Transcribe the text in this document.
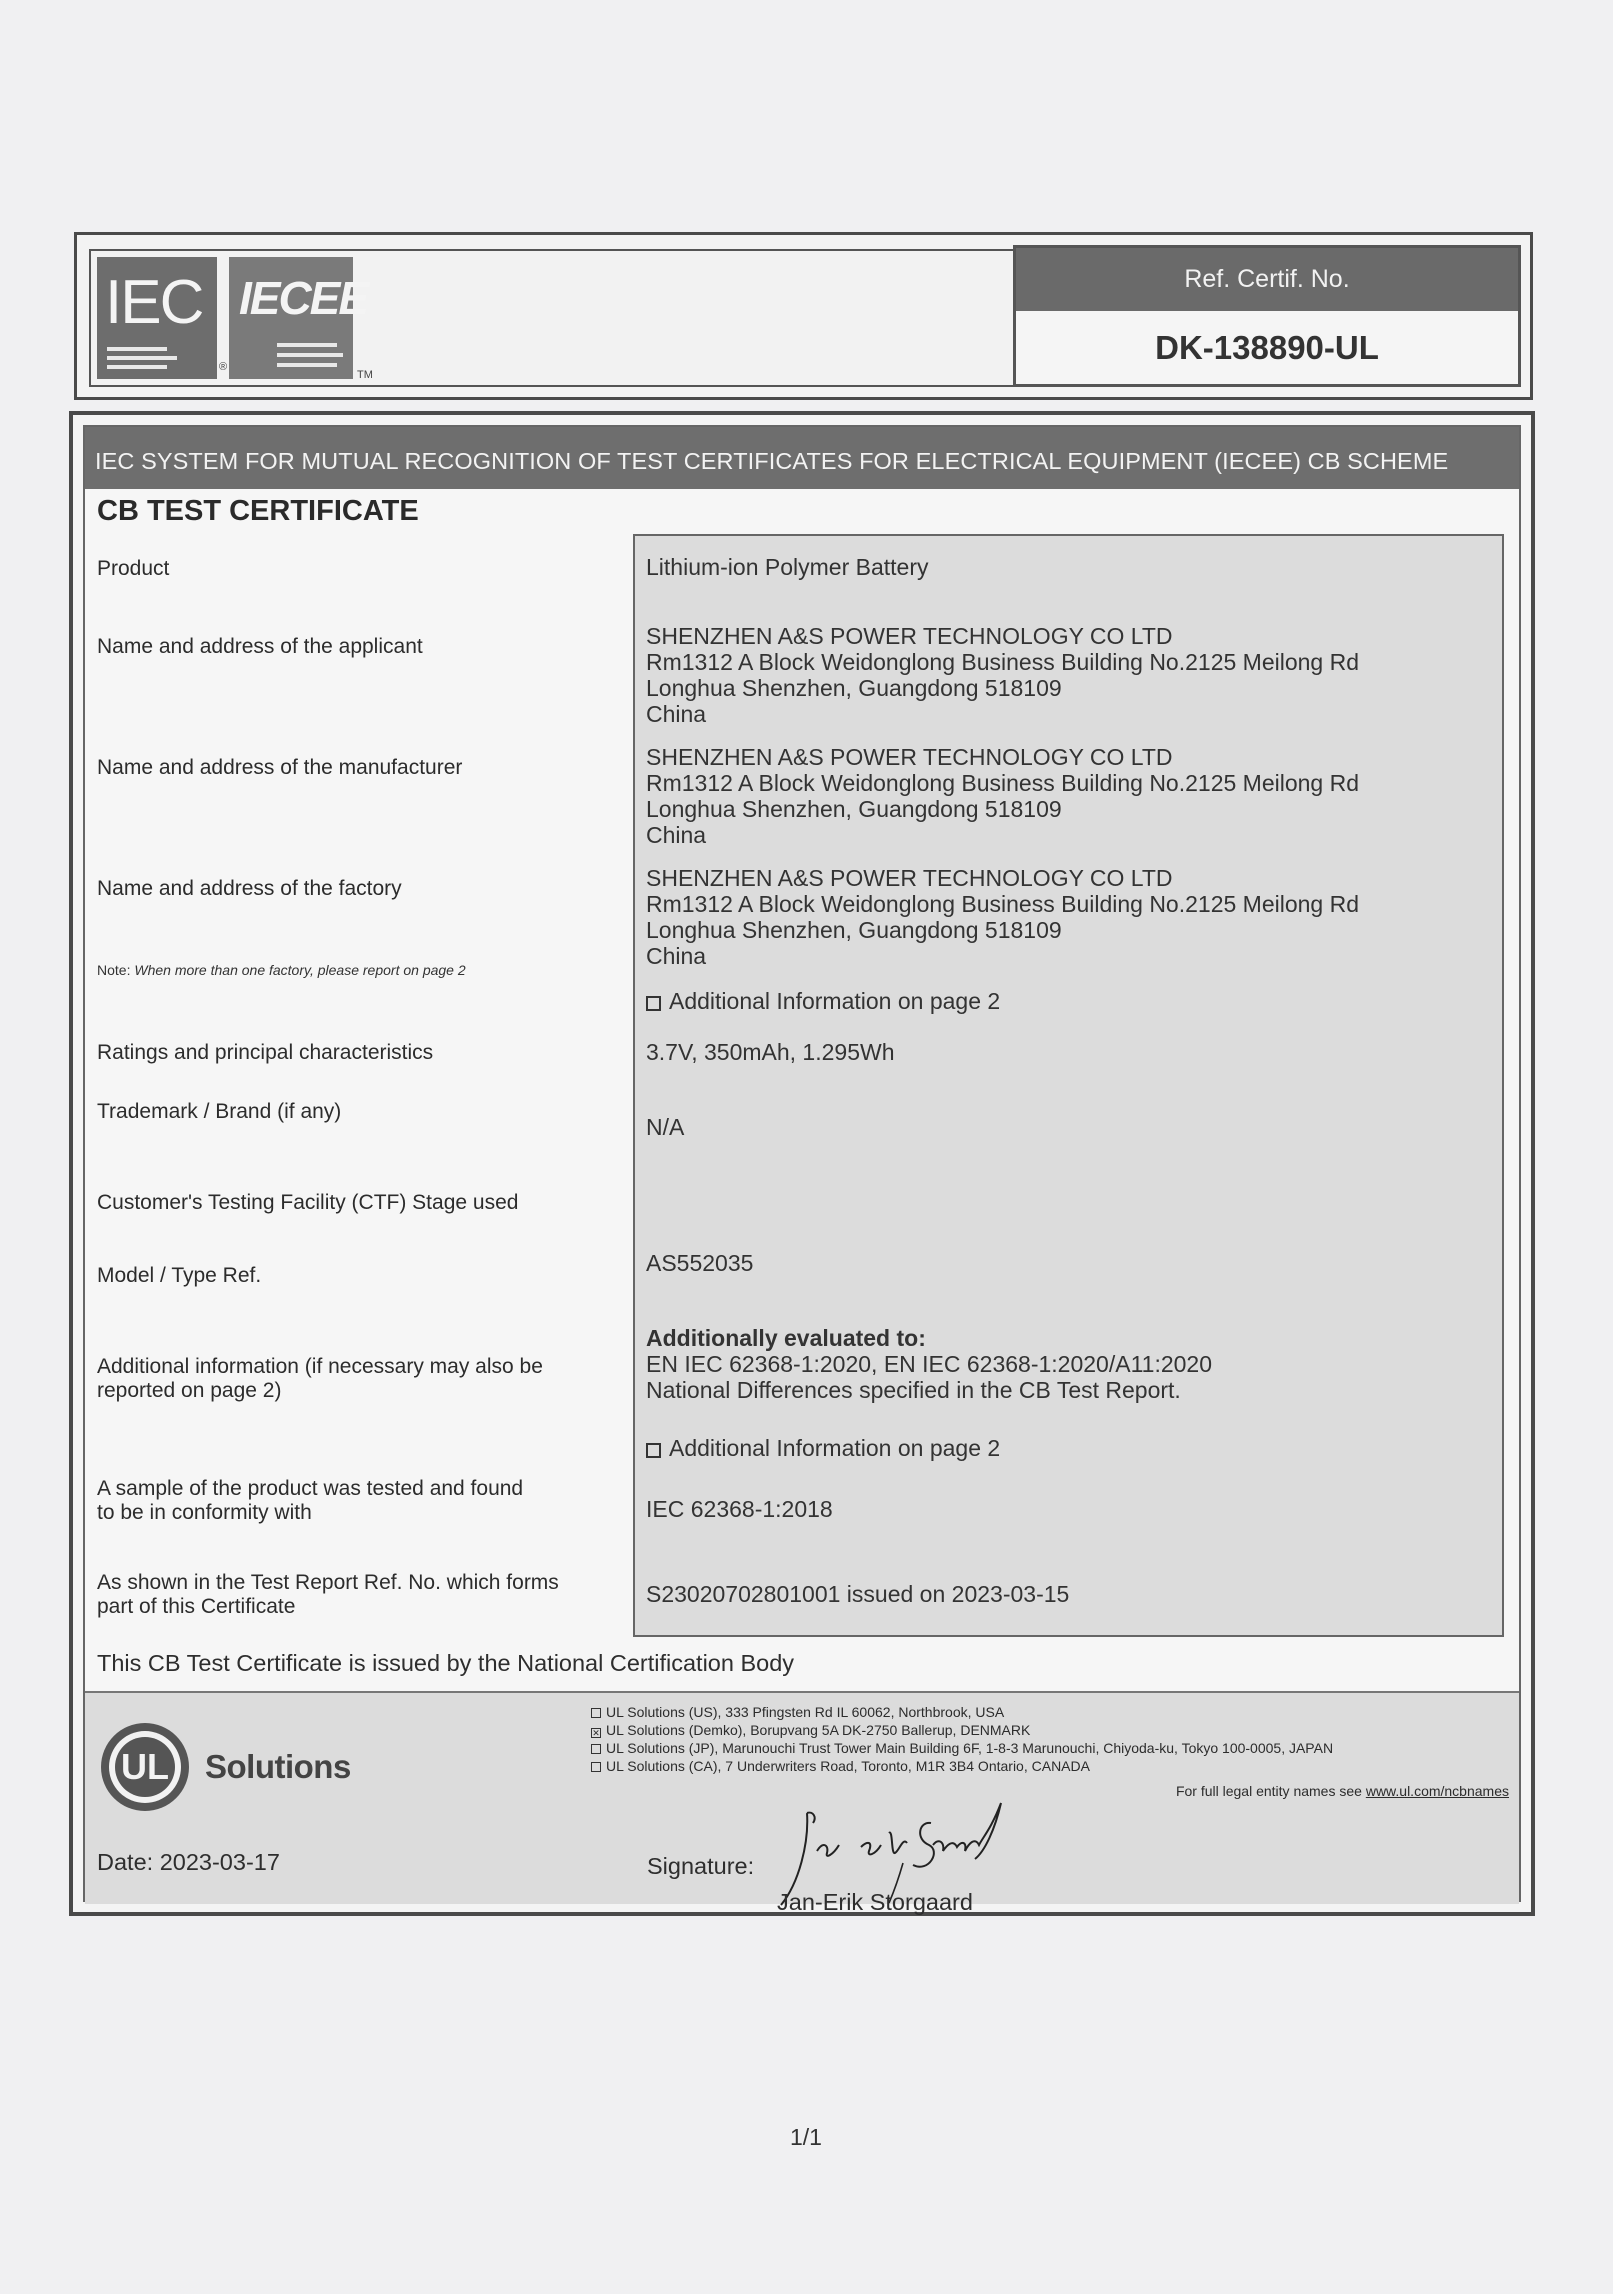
IEC
®
IECEE
TM
Ref. Certif. No.
DK-138890-UL
IEC SYSTEM FOR MUTUAL RECOGNITION OF TEST CERTIFICATES FOR ELECTRICAL EQUIPMENT (IECEE) CB SCHEME
CB TEST CERTIFICATE
Product
Name and address of the applicant
Name and address of the manufacturer
Name and address of the factory
Note: When more than one factory, please report on page 2
Ratings and principal characteristics
Trademark / Brand (if any)
Customer's Testing Facility (CTF) Stage used
Model / Type Ref.
Additional information (if necessary may also be
reported on page 2)
A sample of the product was tested and found
to be in conformity with
As shown in the Test Report Ref. No. which forms
part of this Certificate
Lithium-ion Polymer Battery
SHENZHEN A&S POWER TECHNOLOGY CO LTD
Rm1312 A Block Weidonglong Business Building No.2125 Meilong Rd
Longhua Shenzhen, Guangdong 518109
China
SHENZHEN A&S POWER TECHNOLOGY CO LTD
Rm1312 A Block Weidonglong Business Building No.2125 Meilong Rd
Longhua Shenzhen, Guangdong 518109
China
SHENZHEN A&S POWER TECHNOLOGY CO LTD
Rm1312 A Block Weidonglong Business Building No.2125 Meilong Rd
Longhua Shenzhen, Guangdong 518109
China
Additional Information on page 2
3.7V, 350mAh, 1.295Wh
N/A
AS552035
Additionally evaluated to:
EN IEC 62368-1:2020, EN IEC 62368-1:2020/A11:2020
National Differences specified in the CB Test Report.
Additional Information on page 2
IEC 62368-1:2018
S23020702801001 issued on 2023-03-15
This CB Test Certificate is issued by the National Certification Body
UL Solutions
UL Solutions (US), 333 Pfingsten Rd IL 60062, Northbrook, USA
✕ UL Solutions (Demko), Borupvang 5A DK-2750 Ballerup, DENMARK
UL Solutions (JP), Marunouchi Trust Tower Main Building 6F, 1-8-3 Marunouchi, Chiyoda-ku, Tokyo 100-0005, JAPAN
UL Solutions (CA), 7 Underwriters Road, Toronto, M1R 3B4 Ontario, CANADA
For full legal entity names see www.ul.com/ncbnames
Date: 2023-03-17	Signature:
Jan-Erik Storgaard
1/1
